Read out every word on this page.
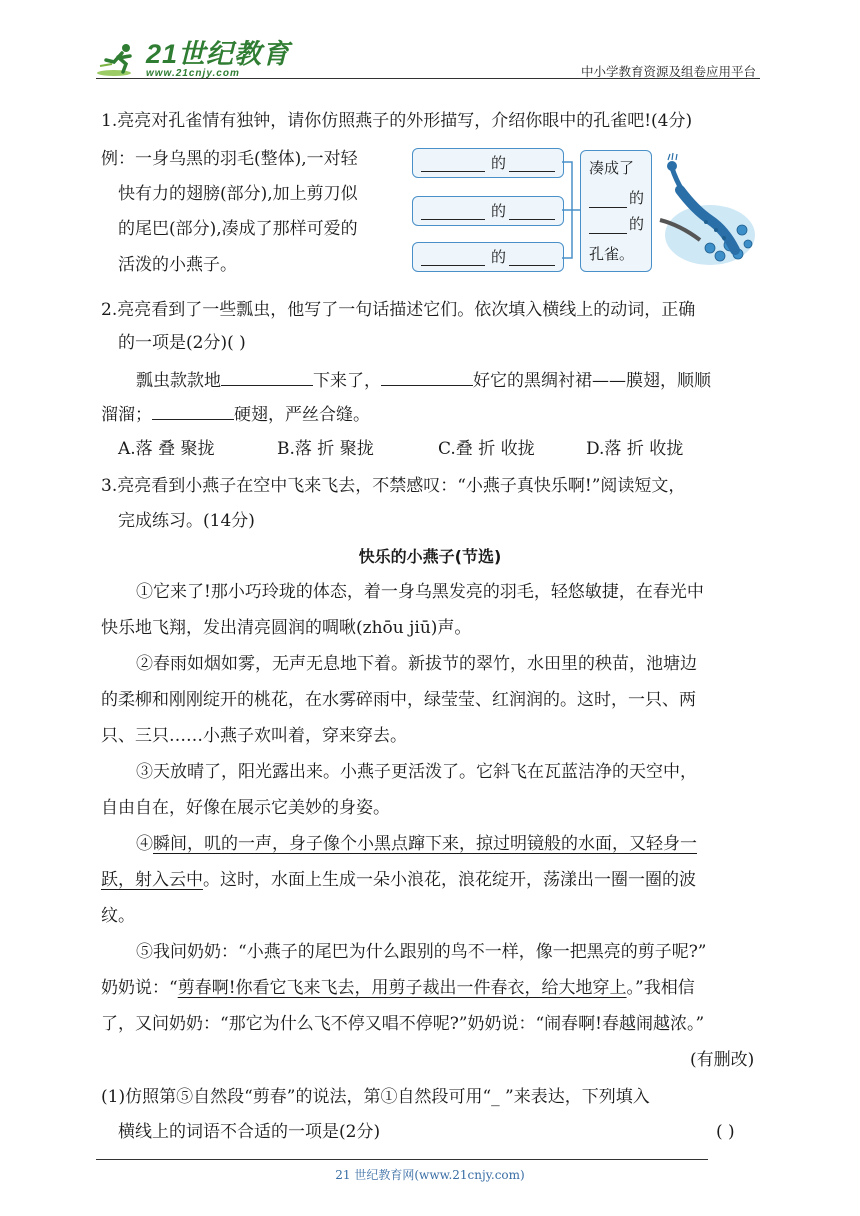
21世纪教育
www.21cnjy.com	中小学教育资源及组卷应用平台
1.亮亮对孔雀情有独钟，请你仿照燕子的外形描写，介绍你眼中的孔雀吧!(4分)
例：一身乌黑的羽毛(整体),一对轻
快有力的翅膀(部分),加上剪刀似
的尾巴(部分),凑成了那样可爱的
活泼的小燕子。
的
的
的
凑成了
的
的
孔雀。
2.亮亮看到了一些瓢虫，他写了一句话描述它们。依次填入横线上的动词，正确
的一项是(2分)( )
瓢虫款款地	下来了，	好它的黑绸衬裙——膜翅，顺顺
溜溜；	硬翅，严丝合缝。
A.落 叠 聚拢	B.落 折 聚拢	C.叠 折 收拢	D.落 折 收拢
3.亮亮看到小燕子在空中飞来飞去，不禁感叹：“小燕子真快乐啊!”阅读短文，
完成练习。(14分)
快乐的小燕子(节选)
①它来了!那小巧玲珑的体态，着一身乌黑发亮的羽毛，轻悠敏捷，在春光中
快乐地飞翔，发出清亮圆润的啁啾(zhōu jiū)声。
②春雨如烟如雾，无声无息地下着。新拔节的翠竹，水田里的秧苗，池塘边
的柔柳和刚刚绽开的桃花，在水雾碎雨中，绿莹莹、红润润的。这时，一只、两
只、三只……小燕子欢叫着，穿来穿去。
③天放晴了，阳光露出来。小燕子更活泼了。它斜飞在瓦蓝洁净的天空中，
自由自在，好像在展示它美妙的身姿。
④瞬间，叽的一声，身子像个小黑点蹿下来，掠过明镜般的水面，又轻身一
跃，射入云中。这时，水面上生成一朵小浪花，浪花绽开，荡漾出一圈一圈的波
纹。
⑤我问奶奶：“小燕子的尾巴为什么跟别的鸟不一样，像一把黑亮的剪子呢?”
奶奶说：“剪春啊!你看它飞来飞去，用剪子裁出一件春衣，给大地穿上。”我相信
了，又问奶奶：“那它为什么飞不停又唱不停呢?”奶奶说：“闹春啊!春越闹越浓。”
(有删改)
(1)仿照第⑤自然段“剪春”的说法，第①自然段可用“_ ”来表达，下列填入
横线上的词语不合适的一项是(2分)	( )
21 世纪教育网(www.21cnjy.com)
